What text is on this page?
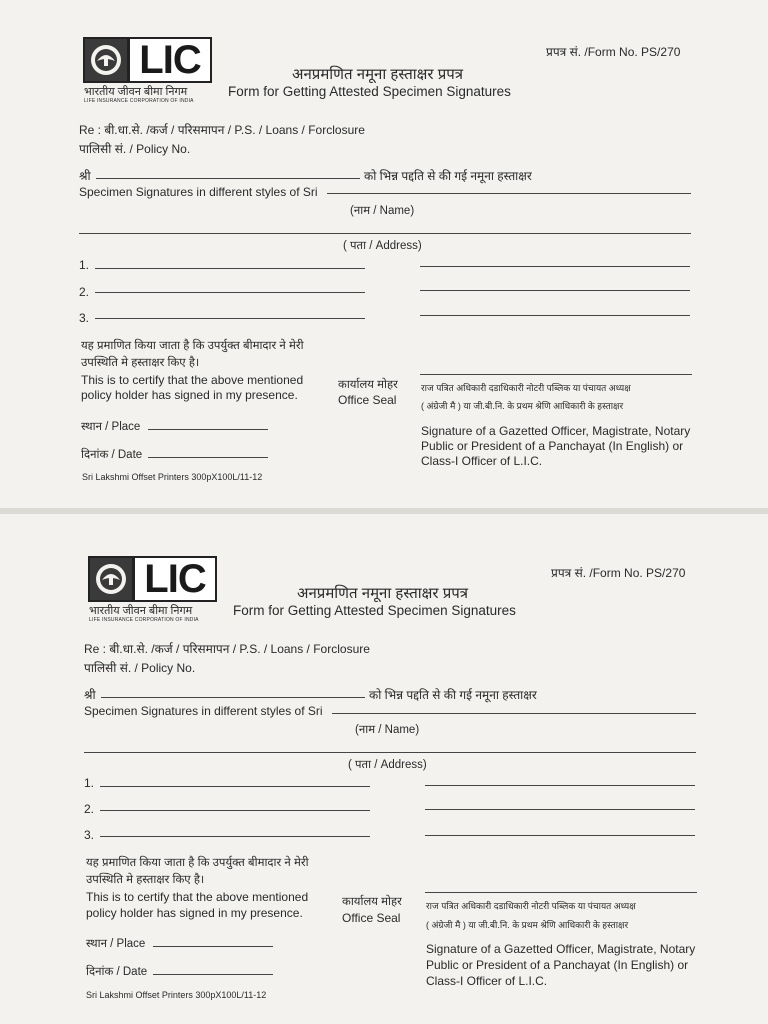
LIC
भारतीय जीवन बीमा निगम
LIFE INSURANCE CORPORATION OF INDIA
प्रपत्र सं. /Form No. PS/270
अनप्रमणित नमूना हस्ताक्षर प्रपत्र
Form for Getting Attested Specimen Signatures
Re : बी.धा.से. /कर्ज / परिसमापन / P.S. / Loans / Forclosure
पालिसी सं. / Policy No.
श्री	को भिन्न पद्दति से की गई नमूना हस्ताक्षर
Specimen Signatures in different styles of Sri
(नाम / Name)
( पता / Address)
1.
2.
3.
यह प्रमाणित किया जाता है कि उपर्युक्त बीमादार ने मेरी
उपस्थिति मे हस्ताक्षर किए है।
This is to certify that the above mentioned
policy holder has signed in my presence.
कार्यालय मोहर
Office Seal
राज पत्रित अधिकारी दडाधिकारी नोटरी पब्लिक या पंचायत अध्यक्ष
( अंग्रेजी मै ) या जी.बी.नि. के प्रथम श्रेणि आधिकारी के हस्ताक्षर
Signature of a Gazetted Officer, Magistrate, Notary
Public or President of a Panchayat (In English) or
Class-I Officer of L.I.C.
स्थान / Place
दिनांक / Date
Sri Lakshmi Offset Printers 300pX100L/11-12
LIC
भारतीय जीवन बीमा निगम
LIFE INSURANCE CORPORATION OF INDIA
प्रपत्र सं. /Form No. PS/270
अनप्रमणित नमूना हस्ताक्षर प्रपत्र
Form for Getting Attested Specimen Signatures
Re : बी.धा.से. /कर्ज / परिसमापन / P.S. / Loans / Forclosure
पालिसी सं. / Policy No.
श्री	को भिन्न पद्दति से की गई नमूना हस्ताक्षर
Specimen Signatures in different styles of Sri
(नाम / Name)
( पता / Address)
1.
2.
3.
यह प्रमाणित किया जाता है कि उपर्युक्त बीमादार ने मेरी
उपस्थिति मे हस्ताक्षर किए है।
This is to certify that the above mentioned
policy holder has signed in my presence.
कार्यालय मोहर
Office Seal
राज पत्रित अधिकारी दडाधिकारी नोटरी पब्लिक या पंचायत अध्यक्ष
( अंग्रेजी मै ) या जी.बी.नि. के प्रथम श्रेणि आधिकारी के हस्ताक्षर
Signature of a Gazetted Officer, Magistrate, Notary
Public or President of a Panchayat (In English) or
Class-I Officer of L.I.C.
स्थान / Place
दिनांक / Date
Sri Lakshmi Offset Printers 300pX100L/11-12
